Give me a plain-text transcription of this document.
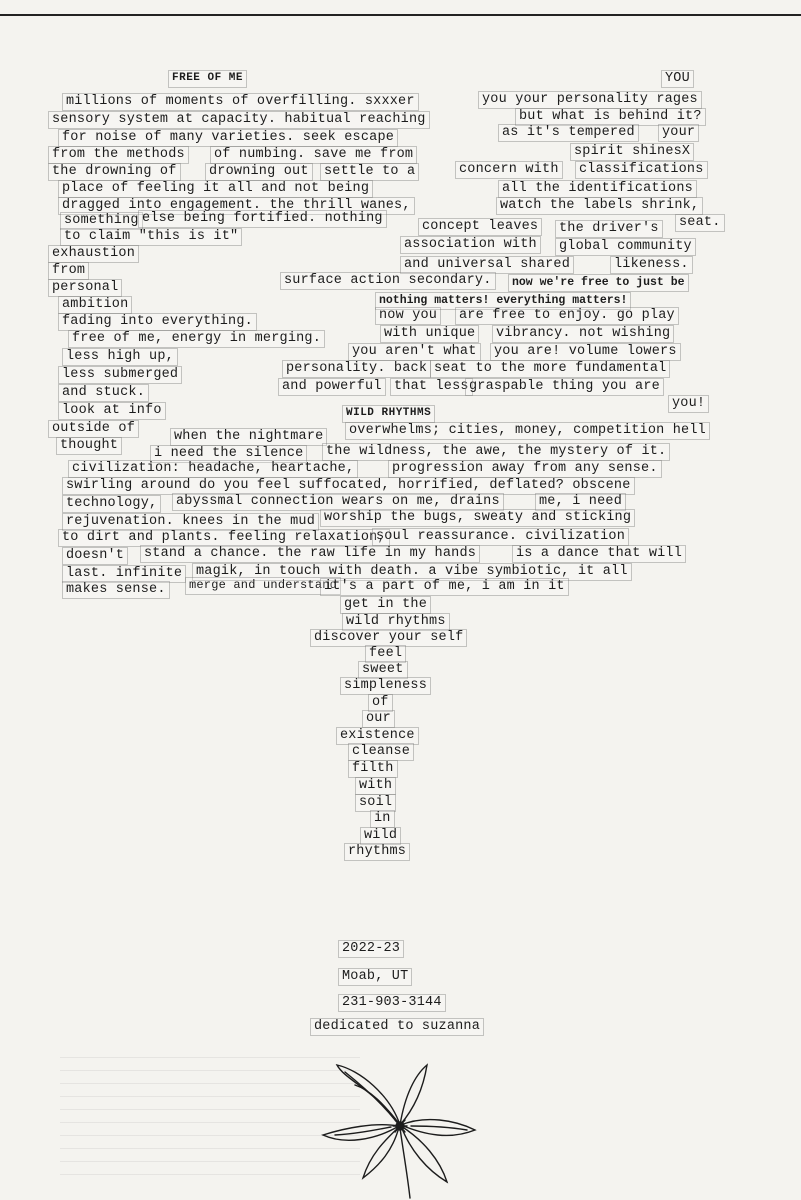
FREE OF ME	YOU
WILD RHYTHMS
millions of moments of overfilling. sxxxer
sensory system at capacity. habitual reaching
for noise of many varieties. seek escape
from the methods of numbing. save me from
the drowning of drowning out settle to a
place of feeling it all and not being
dragged into engagement. the thrill wanes,
something else being fortified. nothing
to claim "this is it"
exhaustion
from
personal
ambition
fading into everything.
free of me, energy in merging.
less high up,
less submerged
and stuck.
look at info
outside of
thought
you your personality rages
but what is behind it?
as it's tempered your
spirit shinesX
concern with classifications
all the identifications
watch the labels shrink,
concept leaves the driver's seat.
association with global community
and universal shared	likeness.
surface action secondary.	now we're free to just be
nothing matters! everything matters!
now you are free to enjoy. go play
with unique vibrancy. not wishing
you aren't what you are! volume lowers
personality. back seat to the more fundamental
and powerful that less graspable thing you are
you!
when the nightmare overwhelms; cities, money, competition hell
i need the silence the wildness, the awe, the mystery of it.
civilization: headache, heartache,	progression away from any sense.
swirling around do you feel suffocated, horrified, deflated? obscene
technology, abyssmal connection wears on me, drains	me, i need
rejuvenation. knees in the mud worship the bugs, sweaty and sticking
to dirt and plants. feeling relaxation,
soul reassurance. civilization
doesn't stand a chance. the raw life in my hands	is a dance that will
last. infinite magik, in touch with death. a vibe symbiotic, it all
makes sense.	merge and understand
it's a part of me, i am in it
get in the
wild rhythms
discover your self
feel
sweet
simpleness
of
our
existence
cleanse
filth
with
soil
in
wild
rhythms
2022-23
Moab, UT
231-903-3144
dedicated to suzanna
